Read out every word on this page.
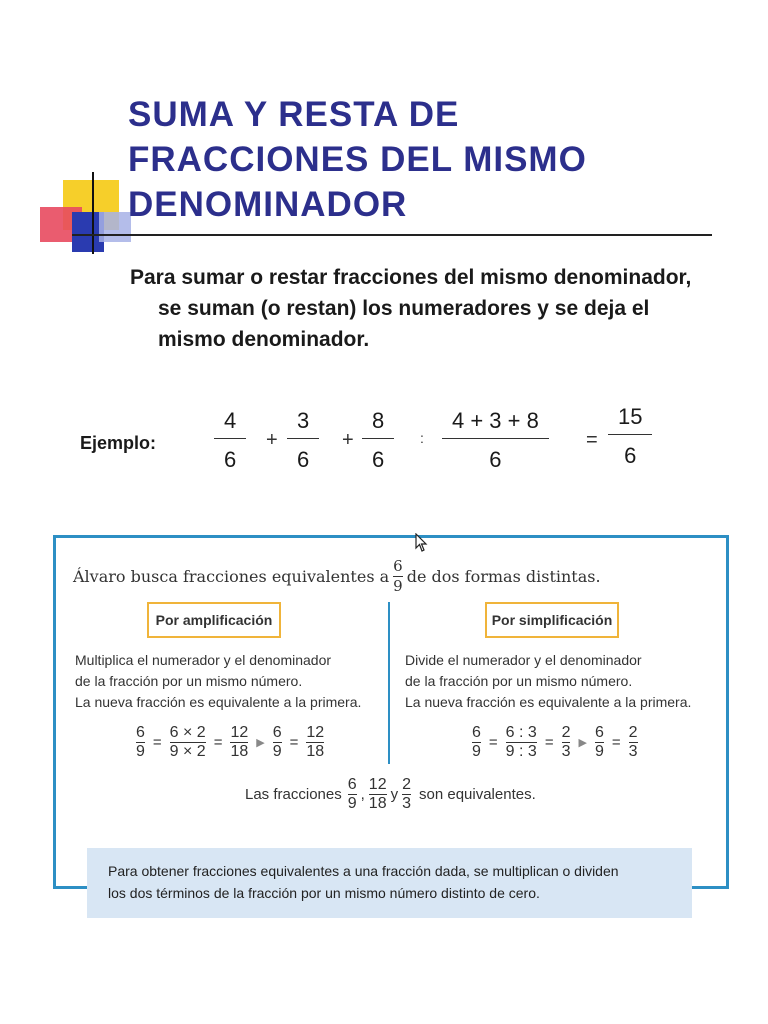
SUMA Y RESTA DE
FRACCIONES DEL MISMO
DENOMINADOR

Para sumar o restar fracciones del mismo denominador, se suman (o restan) los numeradores y se deja el mismo denominador.

Ejemplo:
4
6
+
3
6
+
8
6
:
4 + 3 + 8
6
=
15
6
Álvaro busca fracciones equivalentes a
6
9 de dos formas distintas.
Por amplificación	Por simplificación
Multiplica el numerador y el denominador
de la fracción por un mismo número.
La nueva fracción es equivalente a la primera.
Divide el numerador y el denominador
de la fracción por un mismo número.
La nueva fracción es equivalente a la primera.
6
9
=
6 × 2
9 × 2
=
12
18 ▶
6
9
=
12
18
6
9
=
6 : 3
9 : 3
=
2
3 ▶
6
9
=
2
3
Las fracciones
6
9
,
12
18
y
2
3
son equivalentes.
Para obtener fracciones equivalentes a una fracción dada, se multiplican o dividen
los dos términos de la fracción por un mismo número distinto de cero.
